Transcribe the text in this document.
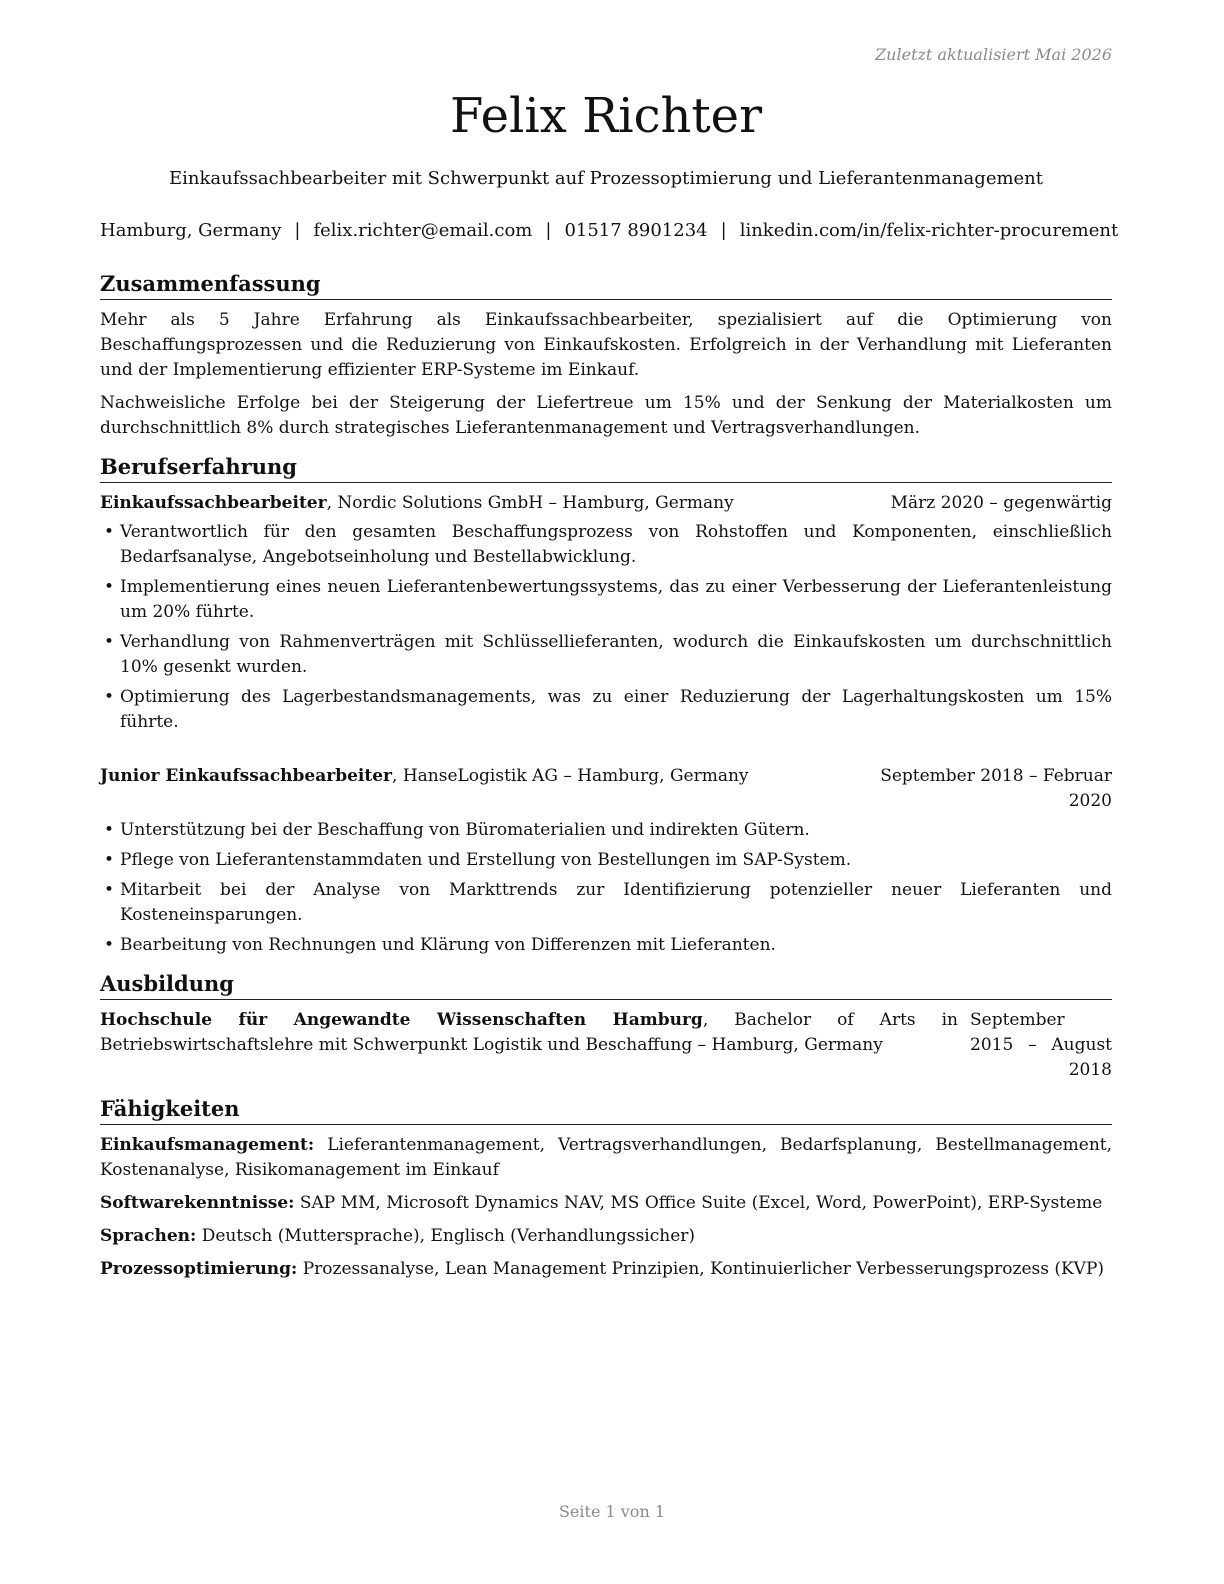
Zuletzt aktualisiert Mai 2026
Felix Richter
Einkaufssachbearbeiter mit Schwerpunkt auf Prozessoptimierung und Lieferantenmanagement
Hamburg, Germany | felix.richter@email.com | 01517 8901234 | linkedin.com/in/felix-richter-procurement
Zusammenfassung

Mehr als 5 Jahre Erfahrung als Einkaufssachbearbeiter, spezialisiert auf die Optimierung von Beschaffungsprozessen und die Reduzierung von Einkaufskosten. Erfolgreich in der Verhandlung mit Lieferanten und der Implementierung effizienter ERP-Systeme im Einkauf.

Nachweisliche Erfolge bei der Steigerung der Liefertreue um 15% und der Senkung der Materialkosten um durchschnittlich 8% durch strategisches Lieferantenmanagement und Vertragsverhandlungen.

Berufserfahrung
Einkaufssachbearbeiter, Nordic Solutions GmbH – Hamburg, Germany	März 2020 – gegenwärtig
• Verantwortlich für den gesamten Beschaffungsprozess von Rohstoffen und Komponenten, einschließlich Bedarfsanalyse, Angebotseinholung und Bestellabwicklung.
• Implementierung eines neuen Lieferantenbewertungssystems, das zu einer Verbesserung der Lieferantenleistung um 20% führte.
• Verhandlung von Rahmenverträgen mit Schlüssellieferanten, wodurch die Einkaufskosten um durchschnittlich 10% gesenkt wurden.
• Optimierung des Lagerbestandsmanagements, was zu einer Reduzierung der Lagerhaltungskosten um 15% führte.
Junior Einkaufssachbearbeiter, HanseLogistik AG – Hamburg, Germany	September 2018 – Februar 2020
• Unterstützung bei der Beschaffung von Büromaterialien und indirekten Gütern.
• Pflege von Lieferantenstammdaten und Erstellung von Bestellungen im SAP-System.
• Mitarbeit bei der Analyse von Markttrends zur Identifizierung potenzieller neuer Lieferanten und Kosteneinsparungen.
• Bearbeitung von Rechnungen und Klärung von Differenzen mit Lieferanten.
Ausbildung
Hochschule für Angewandte Wissenschaften Hamburg, Bachelor of Arts in Betriebswirtschaftslehre mit Schwerpunkt Logistik und Beschaffung – Hamburg, Germany
September 2015 – August 2018
Fähigkeiten

Einkaufsmanagement: Lieferantenmanagement, Vertragsverhandlungen, Bedarfsplanung, Bestellmanagement, Kostenanalyse, Risikomanagement im Einkauf

Softwarekenntnisse: SAP MM, Microsoft Dynamics NAV, MS Office Suite (Excel, Word, PowerPoint), ERP-Systeme

Sprachen: Deutsch (Muttersprache), Englisch (Verhandlungssicher)

Prozessoptimierung: Prozessanalyse, Lean Management Prinzipien, Kontinuierlicher Verbesserungsprozess (KVP)

Seite 1 von 1
